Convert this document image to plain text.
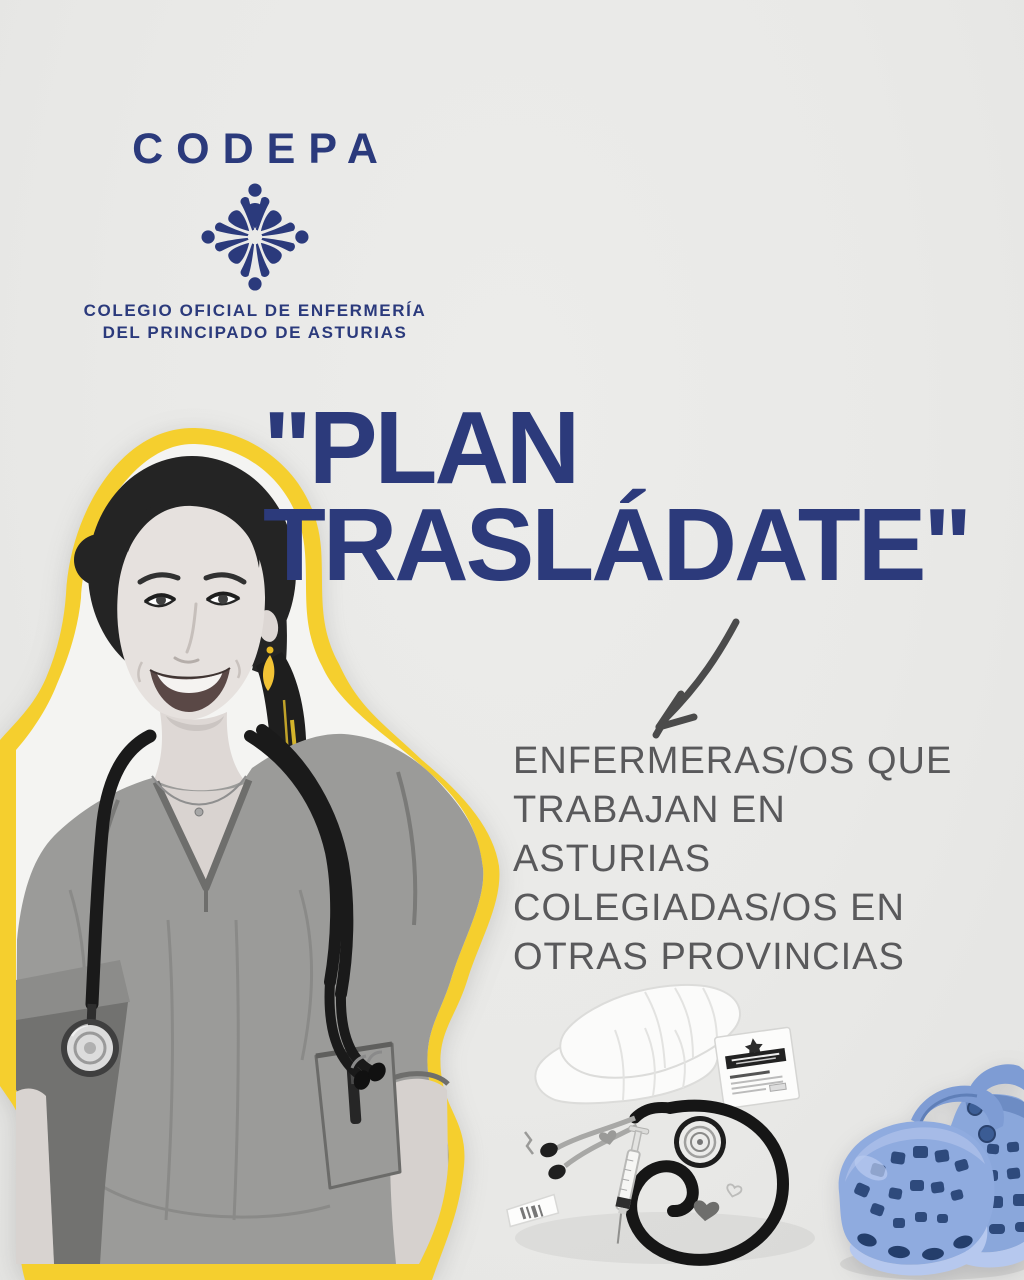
CODEPA
COLEGIO OFICIAL DE ENFERMERÍA
DEL PRINCIPADO DE ASTURIAS
"PLAN
TRASLÁDATE"
ENFERMERAS/OS QUE
TRABAJAN EN
ASTURIAS
COLEGIADAS/OS EN
OTRAS PROVINCIAS
